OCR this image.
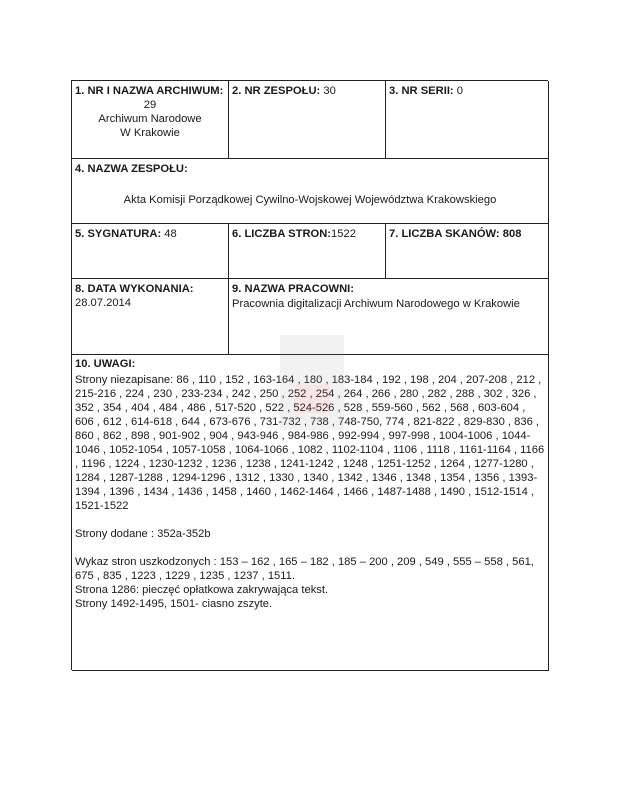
1. NR I NAZWA ARCHIWUM:
29
Archiwum Narodowe
W Krakowie
2. NR ZESPOŁU: 30	3. NR SERII: 0
4. NAZWA ZESPOŁU:
Akta Komisji Porządkowej Cywilno-Wojskowej Województwa Krakowskiego
5. SYGNATURA: 48	6. LICZBA STRON:1522	7. LICZBA SKANÓW: 808
8. DATA WYKONANIA:
28.07.2014
9. NAZWA PRACOWNI:
Pracownia digitalizacji Archiwum Narodowego w Krakowie
10. UWAGI:

Strony niezapisane: 86 , 110 , 152 , 163-164 , 180 , 183-184 , 192 , 198 , 204 , 207-208 , 212 , 215-216 , 224 , 230 , 233-234 , 242 , 250 , 252 , 254 , 264 , 266 , 280 , 282 , 288 , 302 , 326 , 352 , 354 , 404 , 484 , 486 , 517-520 , 522 , 524-526 , 528 , 559-560 , 562 , 568 , 603-604 , 606 , 612 , 614-618 , 644 , 673-676 , 731-732 , 738 , 748-750, 774 , 821-822 , 829-830 , 836 , 860 , 862 , 898 , 901-902 , 904 , 943-946 , 984-986 , 992-994 , 997-998 , 1004-1006 , 1044-1046 , 1052-1054 , 1057-1058 , 1064-1066 , 1082 , 1102-1104 , 1106 , 1118 , 1161-1164 , 1166 , 1196 , 1224 , 1230-1232 , 1236 , 1238 , 1241-1242 , 1248 , 1251-1252 , 1264 , 1277-1280 , 1284 , 1287-1288 , 1294-1296 , 1312 , 1330 , 1340 , 1342 , 1346 , 1348 , 1354 , 1356 , 1393-1394 , 1396 , 1434 , 1436 , 1458 , 1460 , 1462-1464 , 1466 , 1487-1488 , 1490 , 1512-1514 , 1521-1522

Strony dodane : 352a-352b

Wykaz stron uszkodzonych : 153 – 162 , 165 – 182 , 185 – 200 , 209 , 549 , 555 – 558 , 561, 675 , 835 , 1223 , 1229 , 1235 , 1237 , 1511.

Strona 1286: pieczęć opłatkowa zakrywająca tekst.

Strony 1492-1495, 1501- ciasno zszyte.
